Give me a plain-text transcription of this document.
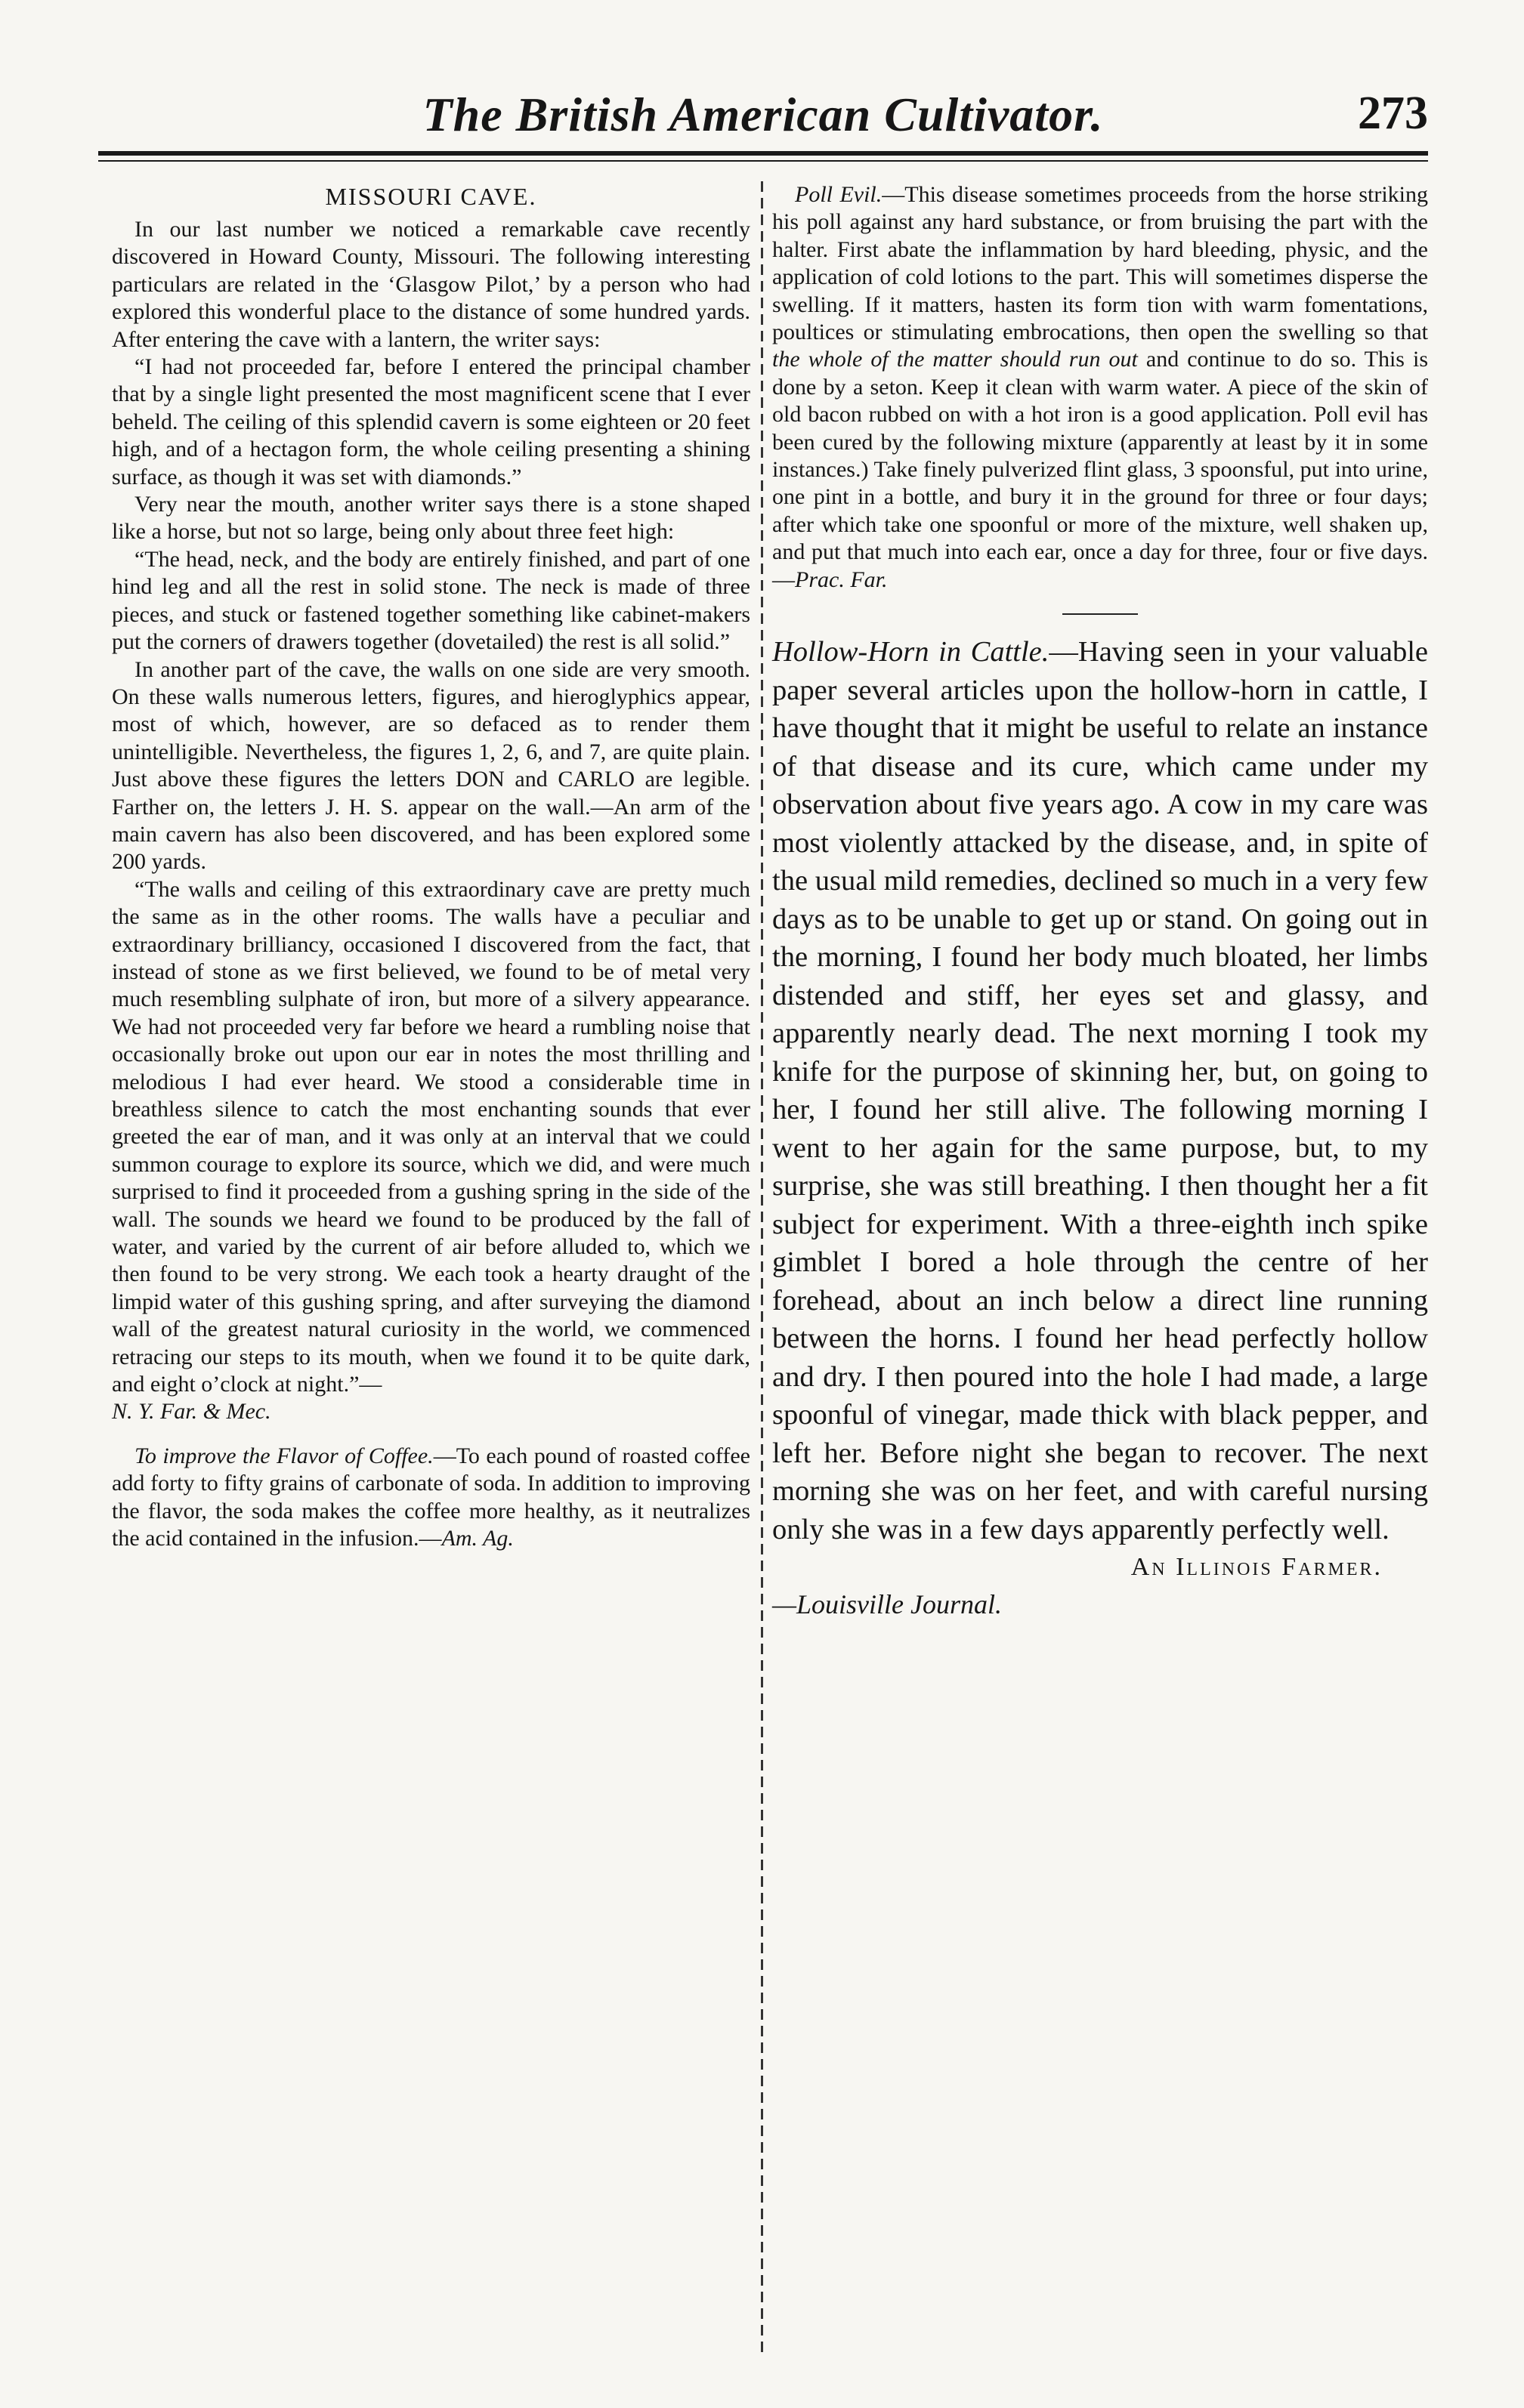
The British American Cultivator.	273
MISSOURI CAVE.

In our last number we noticed a remarkable cave recently discovered in Howard County, Missouri. The following interesting particulars are related in the ‘Glasgow Pilot,’ by a person who had explored this wonderful place to the distance of some hundred yards. After entering the cave with a lantern, the writer says:

“I had not proceeded far, before I entered the principal chamber that by a single light presented the most magnificent scene that I ever beheld. The ceiling of this splendid cavern is some eighteen or 20 feet high, and of a hectagon form, the whole ceiling presenting a shining surface, as though it was set with diamonds.”

Very near the mouth, another writer says there is a stone shaped like a horse, but not so large, being only about three feet high:

“The head, neck, and the body are entirely finished, and part of one hind leg and all the rest in solid stone. The neck is made of three pieces, and stuck or fastened together something like cabinet-makers put the corners of drawers together (dovetailed) the rest is all solid.”

In another part of the cave, the walls on one side are very smooth. On these walls numerous letters, figures, and hieroglyphics appear, most of which, however, are so defaced as to render them unintelligible. Nevertheless, the figures 1, 2, 6, and 7, are quite plain. Just above these figures the letters DON and CARLO are legible. Farther on, the letters J. H. S. appear on the wall.—An arm of the main cavern has also been discovered, and has been explored some 200 yards.

“The walls and ceiling of this extraordinary cave are pretty much the same as in the other rooms. The walls have a peculiar and extraordinary brilliancy, occasioned I discovered from the fact, that instead of stone as we first believed, we found to be of metal very much resembling sulphate of iron, but more of a silvery appearance. We had not proceeded very far before we heard a rumbling noise that occasionally broke out upon our ear in notes the most thrilling and melodious I had ever heard. We stood a considerable time in breathless silence to catch the most enchanting sounds that ever greeted the ear of man, and it was only at an interval that we could summon courage to explore its source, which we did, and were much surprised to find it proceeded from a gushing spring in the side of the wall. The sounds we heard we found to be produced by the fall of water, and varied by the current of air before alluded to, which we then found to be very strong. We each took a hearty draught of the limpid water of this gushing spring, and after surveying the diamond wall of the greatest natural curiosity in the world, we commenced retracing our steps to its mouth, when we found it to be quite dark, and eight o’clock at night.”—

N. Y. Far. & Mec.

To improve the Flavor of Coffee.—To each pound of roasted coffee add forty to fifty grains of carbonate of soda. In addition to improving the flavor, the soda makes the coffee more healthy, as it neutralizes the acid contained in the infusion.—Am. Ag.

Poll Evil.—This disease sometimes proceeds from the horse striking his poll against any hard substance, or from bruising the part with the halter. First abate the inflammation by hard bleeding, physic, and the application of cold lotions to the part. This will sometimes disperse the swelling. If it matters, hasten its form tion with warm fomentations, poultices or stimulating embrocations, then open the swelling so that the whole of the matter should run out and continue to do so. This is done by a seton. Keep it clean with warm water. A piece of the skin of old bacon rubbed on with a hot iron is a good application. Poll evil has been cured by the following mixture (apparently at least by it in some instances.) Take finely pulverized flint glass, 3 spoonsful, put into urine, one pint in a bottle, and bury it in the ground for three or four days; after which take one spoonful or more of the mixture, well shaken up, and put that much into each ear, once a day for three, four or five days.—Prac. Far.

Hollow-Horn in Cattle.—Having seen in your valuable paper several articles upon the hollow-horn in cattle, I have thought that it might be useful to relate an instance of that disease and its cure, which came under my observation about five years ago. A cow in my care was most violently attacked by the disease, and, in spite of the usual mild remedies, declined so much in a very few days as to be unable to get up or stand. On going out in the morning, I found her body much bloated, her limbs distended and stiff, her eyes set and glassy, and apparently nearly dead. The next morning I took my knife for the purpose of skinning her, but, on going to her, I found her still alive. The following morning I went to her again for the same purpose, but, to my surprise, she was still breathing. I then thought her a fit subject for experiment. With a three-eighth inch spike gimblet I bored a hole through the centre of her forehead, about an inch below a direct line running between the horns. I found her head perfectly hollow and dry. I then poured into the hole I had made, a large spoonful of vinegar, made thick with black pepper, and left her. Before night she began to recover. The next morning she was on her feet, and with careful nursing only she was in a few days apparently perfectly well.

An Illinois Farmer.
—Louisville Journal.
